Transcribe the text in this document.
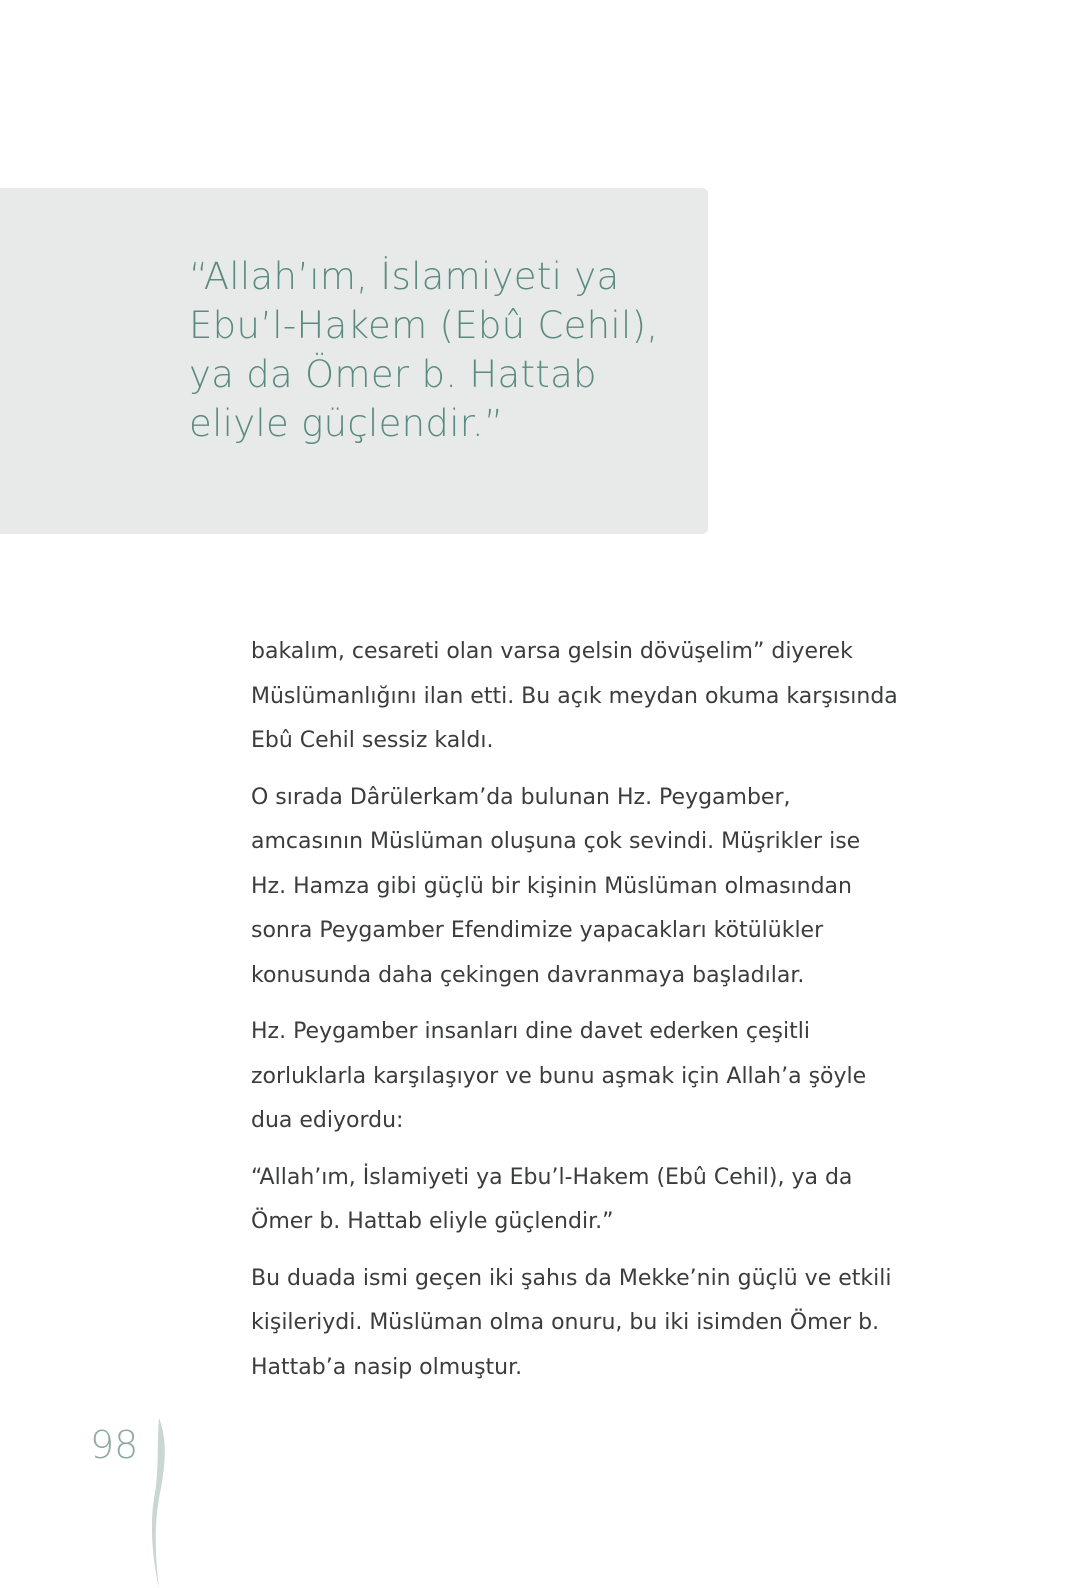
“Allah’ım, İslamiyeti ya
Ebu’l-Hakem (Ebû Cehil),
ya da Ömer b. Hattab
eliyle güçlendir.”

bakalım, cesareti olan varsa gelsin dövüşelim” diyerek
Müslümanlığını ilan etti. Bu açık meydan okuma karşısında
Ebû Cehil sessiz kaldı.

O sırada Dârülerkam’da bulunan Hz. Peygamber,
amcasının Müslüman oluşuna çok sevindi. Müşrikler ise
Hz. Hamza gibi güçlü bir kişinin Müslüman olmasından
sonra Peygamber Efendimize yapacakları kötülükler
konusunda daha çekingen davranmaya başladılar.

Hz. Peygamber insanları dine davet ederken çeşitli
zorluklarla karşılaşıyor ve bunu aşmak için Allah’a şöyle
dua ediyordu:

“Allah’ım, İslamiyeti ya Ebu’l-Hakem (Ebû Cehil), ya da
Ömer b. Hattab eliyle güçlendir.”

Bu duada ismi geçen iki şahıs da Mekke’nin güçlü ve etkili
kişileriydi. Müslüman olma onuru, bu iki isimden Ömer b.
Hattab’a nasip olmuştur.

98
